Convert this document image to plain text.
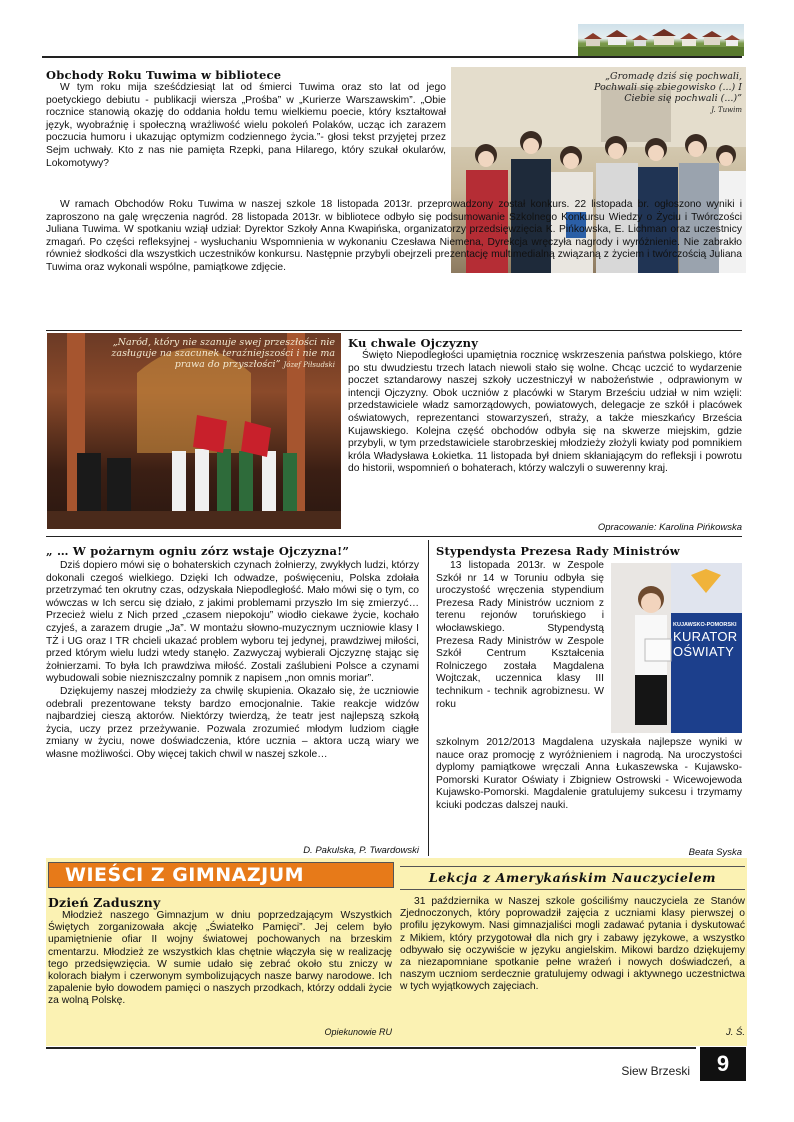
Obchody Roku Tuwima w bibliotece	„Gromadę dziś się pochwali, Pochwali się zbiegowisko (...) I Ciebie się pochwali (...)”
J. Tuwim

W tym roku mija sześćdziesiąt lat od śmierci Tuwima oraz sto lat od jego poetyckiego debiutu - publikacji wiersza „Prośba” w „Kurierze Warszawskim”. „Obie rocznice stanowią okazję do oddania hołdu temu wielkiemu poecie, który kształtował język, wyobraźnię i społeczną wrażliwość wielu pokoleń Polaków, ucząc ich zarazem poczucia humoru i ukazując optymizm codziennego życia.”- głosi tekst przyjętej przez Sejm uchwały. Kto z nas nie pamięta Rzepki, pana Hilarego, który szukał okularów, Lokomotywy?

W ramach Obchodów Roku Tuwima w naszej szkole 18 listopada 2013r. przeprowadzony został konkurs. 22 listopada br. ogłoszono wyniki i zaproszono na galę wręczenia nagród. 28 listopada 2013r. w bibliotece odbyło się podsumowanie Szkolnego Konkursu Wiedzy o Życiu i Twórczości Juliana Tuwima. W spotkaniu wziął udział: Dyrektor Szkoły Anna Kwapińska, organizatorzy przedsięwzięcia K. Pińkowska, E. Lichman oraz uczestnicy zmagań. Po części refleksyjnej - wysłuchaniu Wspomnienia w wykonaniu Czesława Niemena, Dyrekcja wręczyła nagrody i wyróżnienie. Nie zabrakło również słodkości dla wszystkich uczestników konkursu. Następnie przybyli obejrzeli prezentację multimedialną związaną z życiem i twórczością Juliana Tuwima oraz wykonali wspólne, pamiątkowe zdjęcie.

„Naród, który nie szanuje swej przeszłości nie zasługuje na szacunek teraźniejszości i nie ma prawa do przyszłości” Józef Piłsudski
Ku chwale Ojczyzny

Święto Niepodległości upamiętnia rocznicę wskrzeszenia państwa polskiego, które po stu dwudziestu trzech latach niewoli stało się wolne. Chcąc uczcić to wydarzenie poczet sztandarowy naszej szkoły uczestniczył w nabożeństwie , odprawionym w intencji Ojczyzny. Obok uczniów z placówki w Starym Brześciu udział w nim wzięli: przedstawiciele władz samorządowych, powiatowych, delegacje ze szkół i placówek oświatowych, reprezentanci stowarzyszeń, straży, a także mieszkańcy Brześcia Kujawskiego. Kolejna część obchodów odbyła się na skwerze miejskim, gdzie przybyli, w tym przedstawiciele starobrzeskiej młodzieży złożyli kwiaty pod pomnikiem króla Władysława Łokietka. 11 listopada był dniem skłaniającym do refleksji i powrotu do historii, wspomnień o bohaterach, którzy walczyli o suwerenny kraj.

Opracowanie: Karolina Pińkowska
„ … W pożarnym ogniu zórz wstaje Ojczyzna!”

Dziś dopiero mówi się o bohaterskich czynach żołnierzy, zwykłych ludzi, którzy dokonali czegoś wielkiego. Dzięki Ich odwadze, poświęceniu, Polska zdołała przetrzymać ten okrutny czas, odzyskała Niepodległość. Mało mówi się o tym, co wówczas w Ich sercu się działo, z jakimi problemami przyszło Im się zmierzyć… Przecież wielu z Nich przed „czasem niepokoju” wiodło ciekawe życie, kochało czyjeś, a zarazem drugie „Ja”. W montażu słowno-muzycznym uczniowie klasy I TŻ i UG oraz I TR chcieli ukazać problem wyboru tej jedynej, prawdziwej miłości, przed którym wielu ludzi wtedy stanęło. Zazwyczaj wybierali Ojczyznę stając się żołnierzami. To była Ich prawdziwa miłość. Zostali zaślubieni Polsce a czynami wybudowali sobie niezniszczalny pomnik z napisem „non omnis moriar”.

Dziękujemy naszej młodzieży za chwilę skupienia. Okazało się, że uczniowie odebrali prezentowane teksty bardzo emocjonalnie. Takie reakcje widzów najbardziej cieszą aktorów. Niektórzy twierdzą, że teatr jest najlepszą szkołą życia, uczy przez przeżywanie. Pozwala zrozumieć młodym ludziom ciągłe zmiany w życiu, nowe doświadczenia, które ucznia – aktora uczą wiary we własne możliwości. Oby więcej takich chwil w naszej szkole…

D. Pakulska, P. Twardowski
Stypendysta Prezesa Rady Ministrów

13 listopada 2013r. w Zespole Szkół nr 14 w Toruniu odbyła się uroczystość wręczenia stypendium Prezesa Rady Ministrów uczniom z terenu rejonów toruńskiego i włocławskiego. Stypendystą Prezesa Rady Ministrów w Zespole Szkół Centrum Kształcenia Rolniczego została Magdalena Wojtczak, uczennica klasy III technikum - technik agrobiznesu. W roku

KUJAWSKO-POMORSKI
KURATOR
OŚWIATY

szkolnym 2012/2013 Magdalena uzyskała najlepsze wyniki w nauce oraz promocję z wyróżnieniem i nagrodą. Na uroczystości dyplomy pamiątkowe wręczali Anna Łukaszewska - Kujawsko-Pomorski Kurator Oświaty i Zbigniew Ostrowski - Wicewojewoda Kujawsko-Pomorski. Magdalenie gratulujemy sukcesu i trzymamy kciuki podczas dalszej nauki.

Beata Syska
WIEŚCI Z GIMNAZJUM
Dzień Zaduszny

Młodzież naszego Gimnazjum w dniu poprzedzającym Wszystkich Świętych zorganizowała akcję „Światełko Pamięci”. Jej celem było upamiętnienie ofiar II wojny światowej pochowanych na brzeskim cmentarzu. Młodzież ze wszystkich klas chętnie włączyła się w realizację tego przedsięwzięcia. W sumie udało się zebrać około stu zniczy w kolorach białym i czerwonym symbolizujących nasze barwy narodowe. Ich zapalenie było dowodem pamięci o naszych przodkach, którzy oddali życie za wolną Polskę.

Opiekunowie RU
Lekcja z Amerykańskim Nauczycielem

31 października w Naszej szkole gościliśmy nauczyciela ze Stanów Zjednoczonych, który poprowadził zajęcia z uczniami klasy pierwszej o profilu językowym. Nasi gimnazjaliści mogli zadawać pytania i dyskutować z Mikiem, który przygotował dla nich gry i zabawy językowe, a wszystko odbywało się oczywiście w języku angielskim. Mikowi bardzo dziękujemy za niezapomniane spotkanie pełne wrażeń i nowych doświadczeń, a naszym uczniom serdecznie gratulujemy odwagi i aktywnego uczestnictwa w tych wyjątkowych zajęciach.

J. Ś.
Siew Brzeski	9
